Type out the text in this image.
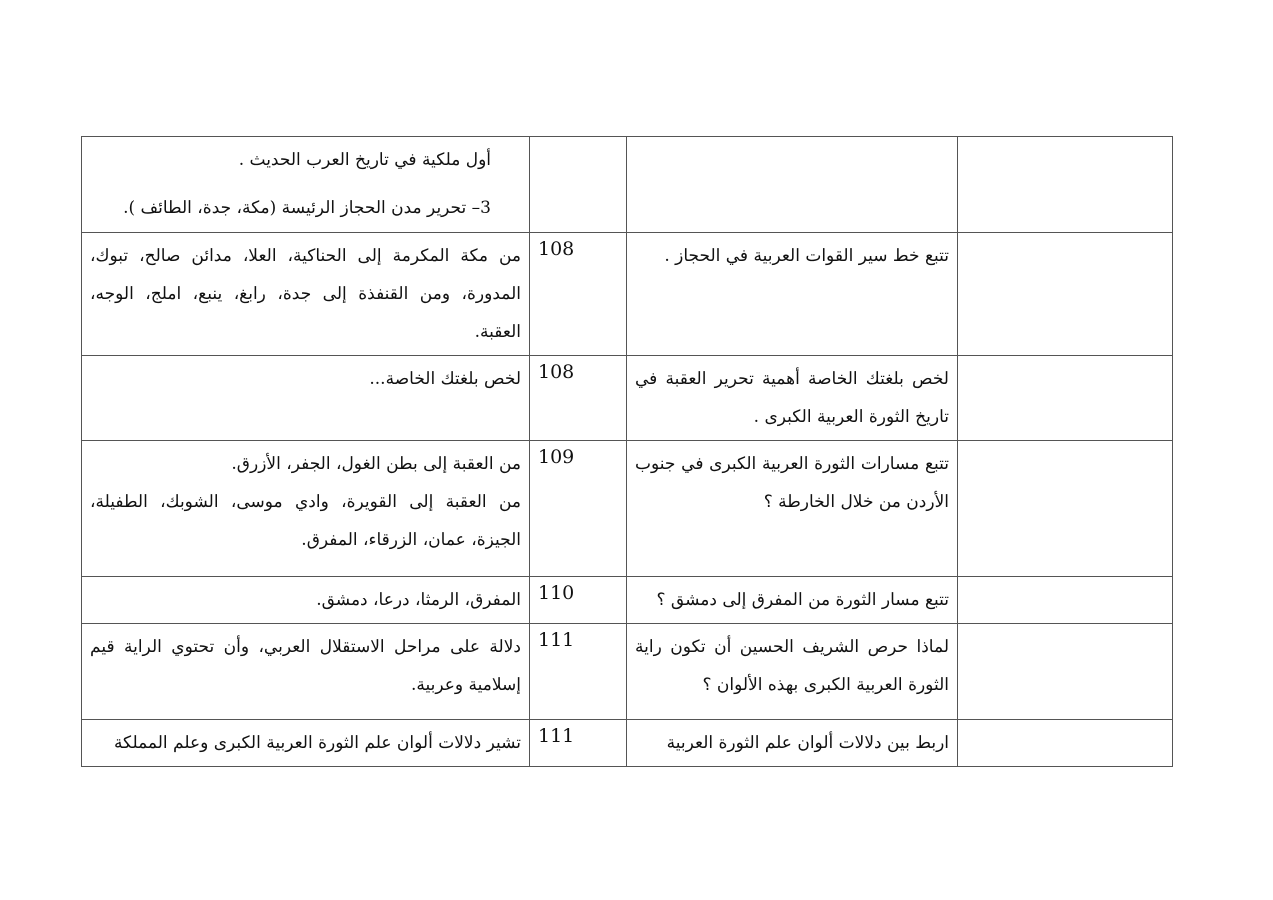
			أول ملكية في تاريخ العرب الحديث .
3– تحرير مدن الحجاز الرئيسة (مكة، جدة، الطائف ).

	تتبع خط سير القوات العربية في الحجاز .	108	من مكة المكرمة إلى الحناكية، العلا، مدائن صالح، تبوك، المدورة، ومن القنفذة إلى جدة، رابغ، ينبع، املج، الوجه، العقبة.
	لخص بلغتك الخاصة أهمية تحرير العقبة في تاريخ الثورة العربية الكبرى .	108	لخص بلغتك الخاصة...
	تتبع مسارات الثورة العربية الكبرى في جنوب الأردن من خلال الخارطة ؟	109	من العقبة إلى بطن الغول، الجفر، الأزرق.
من العقبة إلى القويرة، وادي موسى، الشوبك، الطفيلة، الجيزة، عمان، الزرقاء، المفرق.

	تتبع مسار الثورة من المفرق إلى دمشق ؟	110	المفرق، الرمثا، درعا، دمشق.
	لماذا حرص الشريف الحسين أن تكون راية الثورة العربية الكبرى بهذه الألوان ؟	111	دلالة على مراحل الاستقلال العربي، وأن تحتوي الراية قيم إسلامية وعربية.
	اربط بين دلالات ألوان علم الثورة العربية	111	تشير دلالات ألوان علم الثورة العربية الكبرى وعلم المملكة
